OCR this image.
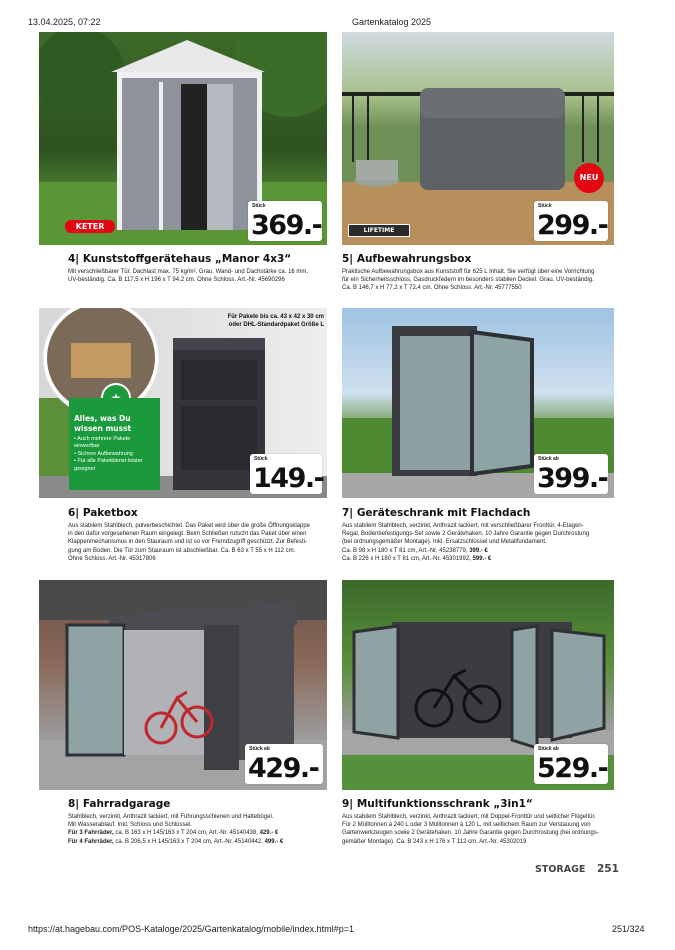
13.04.2025, 07:22	Gartenkatalog 2025
KETER
Stück
369.-
NEU
LIFETIME
Stück
299.-
4| Kunststoffgerätehaus „Manor 4x3“

Mit verschließbarer Tür. Dachlast max. 75 kg/m². Grau. Wand- und Dachstärke ca. 16 mm,

UV-beständig. Ca. B 117,5 x H 196 x T 94,2 cm. Ohne Schloss. Art.-Nr. 45690296

5| Aufbewahrungsbox

Praktische Aufbewahrungsbox aus Kunststoff für 625 L Inhalt. Sie verfügt über eine Vorrichtung

für ein Sicherheitsschloss, Gasdruckfedern im besonders stabilen Deckel. Grau. UV-beständig.

Ca. B 146,7 x H 77,2 x T 72,4 cm. Ohne Schloss. Art.-Nr. 45777550

Für Pakete bis ca. 43 x 42 x 30 cm oder DHL-Standardpaket Größe L
Alles, was Du wissen musst
• Auch mehrere Pakete einwerfbar
• Sichere Aufbewahrung
• Für alle Paketdienst-leister geeignet
Stück
149.-
Stück ab
399.-
6| Paketbox

Aus stabilem Stahlblech, pulverbeschichtet. Das Paket wird über die große Öffnungsklappe

in den dafür vorgesehenen Raum eingelegt. Beim Schließen rutscht das Paket über einen

Klappenmechanismus in den Stauraum und ist so vor Fremdzugriff geschützt. Zur Befesti-

gung am Boden. Die Tür zum Stauraum ist abschließbar. Ca. B 63 x T 55 x H 112 cm.

Ohne Schloss. Art.-Nr. 45317806

7| Geräteschrank mit Flachdach

Aus stabilem Stahlblech, verzinkt, Anthrazit lackiert, mit verschließbarer Fronttür, 4-Etagen-

Regal, Bodenbefestigungs-Set sowie 2 Gerätehaken. 10 Jahre Garantie gegen Durchrostung

(bei ordnungsgemäßer Montage). Inkl. Ersatzschlüssel und Metallfundament.

Ca. B 98 x H 180 x T 81 cm, Art.-Nr. 45238779, 399.- €

Ca. B 226 x H 180 x T 81 cm, Art.-Nr. 45301992, 599.- €

Stück ab
429.-
Stück ab
529.-
8| Fahrradgarage

Stahlblech, verzinkt, Anthrazit lackiert, mit Führungsschienen und Haltebügel.

Mit Wasserablauf. Inkl. Schloss und Schlüssel.

Für 3 Fahrräder, ca. B 163 x H 145/163 x T 204 cm, Art.-Nr. 45140438, 429.- €

Für 4 Fahrräder, ca. B 206,5 x H 145/163 x T 204 cm, Art.-Nr. 45140442, 499.- €

9| Multifunktionsschrank „3in1“

Aus stabilem Stahlblech, verzinkt, Anthrazit lackiert, mit Doppel-Fronttür und seitlicher Flügeltür.

Für 2 Mülltonnen à 240 L oder 3 Mülltonnen à 120 L, mit seitlichem Raum zur Verstauung von

Gartenwerkzeugen sowie 2 Gerätehaken. 10 Jahre Garantie gegen Durchrostung (bei ordnungs-

gemäßer Montage). Ca. B 243 x H 176 x T 112 cm. Art.-Nr. 45302019

STORAGE 251
https://at.hagebau.com/POS-Kataloge/2025/Gartenkatalog/mobile/index.html#p=1	251/324
